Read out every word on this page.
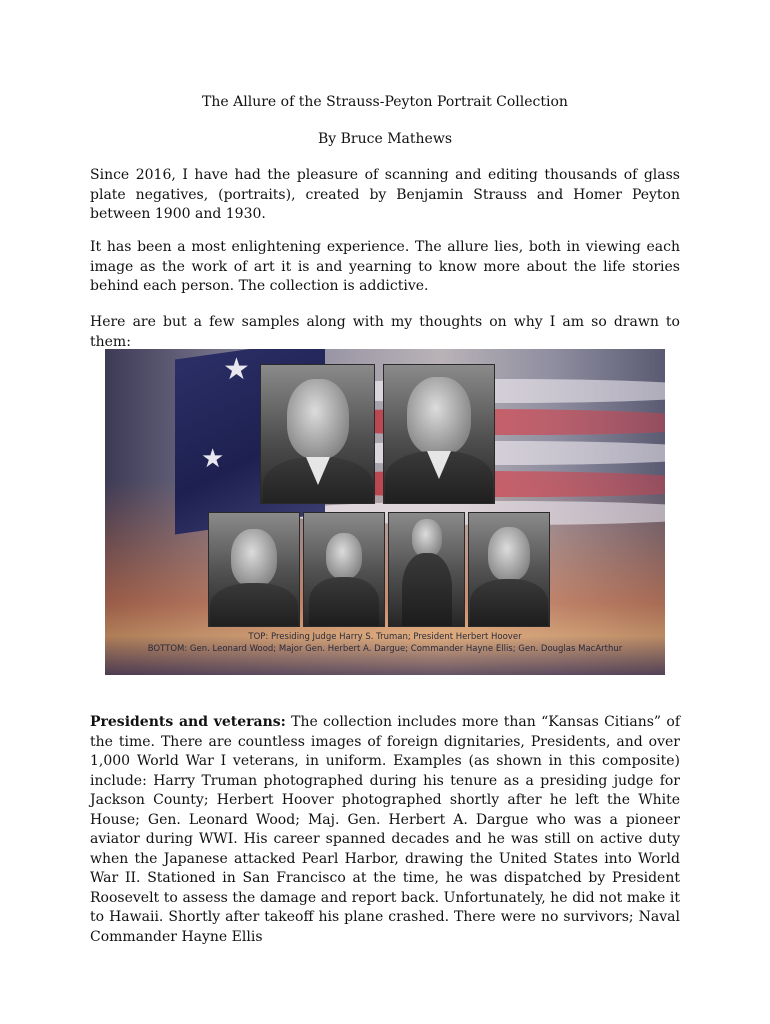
The Allure of the Strauss-Peyton Portrait Collection
By Bruce Mathews

Since 2016, I have had the pleasure of scanning and editing thousands of glass plate negatives, (portraits), created by Benjamin Strauss and Homer Peyton between 1900 and 1930.

It has been a most enlightening experience. The allure lies, both in viewing each image as the work of art it is and yearning to know more about the life stories behind each person. The collection is addictive.

Here are but a few samples along with my thoughts on why I am so drawn to them:

★
★
TOP: Presiding Judge Harry S. Truman; President Herbert Hoover
BOTTOM: Gen. Leonard Wood; Major Gen. Herbert A. Dargue; Commander Hayne Ellis; Gen. Douglas MacArthur

Presidents and veterans: The collection includes more than “Kansas Citians” of the time. There are countless images of foreign dignitaries, Presidents, and over 1,000 World War I veterans, in uniform. Examples (as shown in this composite) include: Harry Truman photographed during his tenure as a presiding judge for Jackson County; Herbert Hoover photographed shortly after he left the White House; Gen. Leonard Wood; Maj. Gen. Herbert A. Dargue who was a pioneer aviator during WWI. His career spanned decades and he was still on active duty when the Japanese attacked Pearl Harbor, drawing the United States into World War II. Stationed in San Francisco at the time, he was dispatched by President Roosevelt to assess the damage and report back. Unfortunately, he did not make it to Hawaii. Shortly after takeoff his plane crashed. There were no survivors; Naval Commander Hayne Ellis
